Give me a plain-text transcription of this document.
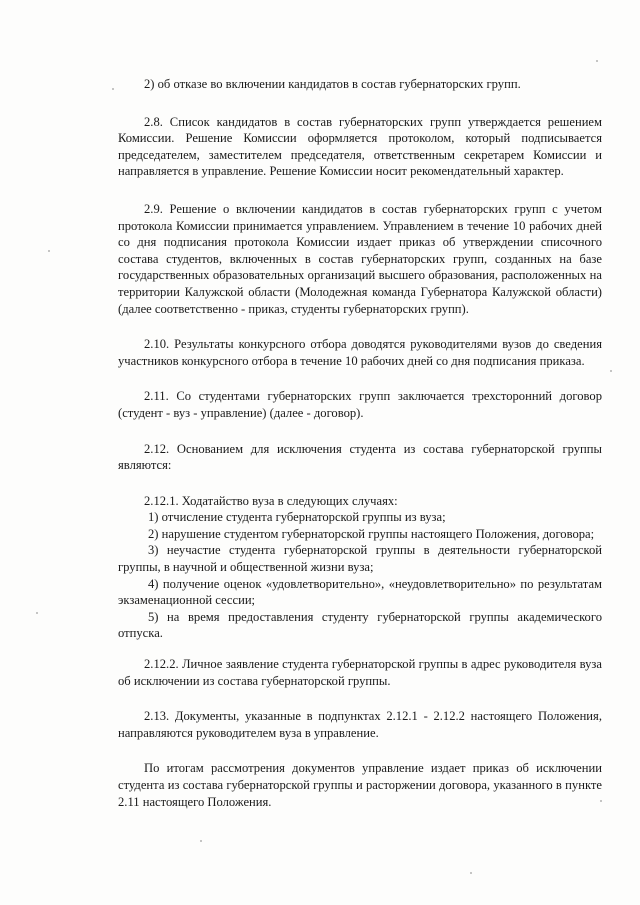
2) об отказе во включении кандидатов в состав губернаторских групп.

2.8. Список кандидатов в состав губернаторских групп утверждается решением Комиссии. Решение Комиссии оформляется протоколом, который подписывается председателем, заместителем председателя, ответственным секретарем Комиссии и направляется в управление. Решение Комиссии носит рекомендательный характер.

2.9. Решение о включении кандидатов в состав губернаторских групп с учетом протокола Комиссии принимается управлением. Управлением в течение 10 рабочих дней со дня подписания протокола Комиссии издает приказ об утверждении списочного состава студентов, включенных в состав губернаторских групп, созданных на базе государственных образовательных организаций высшего образования, расположенных на территории Калужской области (Молодежная команда Губернатора Калужской области) (далее соответственно - приказ, студенты губернаторских групп).

2.10. Результаты конкурсного отбора доводятся руководителями вузов до сведения участников конкурсного отбора в течение 10 рабочих дней со дня подписания приказа.

2.11. Со студентами губернаторских групп заключается трехсторонний договор (студент - вуз - управление) (далее - договор).

2.12. Основанием для исключения студента из состава губернаторской группы являются:

2.12.1. Ходатайство вуза в следующих случаях:

1) отчисление студента губернаторской группы из вуза;

2) нарушение студентом губернаторской группы настоящего Положения, договора;

3) неучастие студента губернаторской группы в деятельности губернаторской группы, в научной и общественной жизни вуза;

4) получение оценок «удовлетворительно», «неудовлетворительно» по результатам экзаменационной сессии;

5) на время предоставления студенту губернаторской группы академического отпуска.

2.12.2. Личное заявление студента губернаторской группы в адрес руководителя вуза об исключении из состава губернаторской группы.

2.13. Документы, указанные в подпунктах 2.12.1 - 2.12.2 настоящего Положения, направляются руководителем вуза в управление.

По итогам рассмотрения документов управление издает приказ об исключении студента из состава губернаторской группы и расторжении договора, указанного в пункте 2.11 настоящего Положения.
